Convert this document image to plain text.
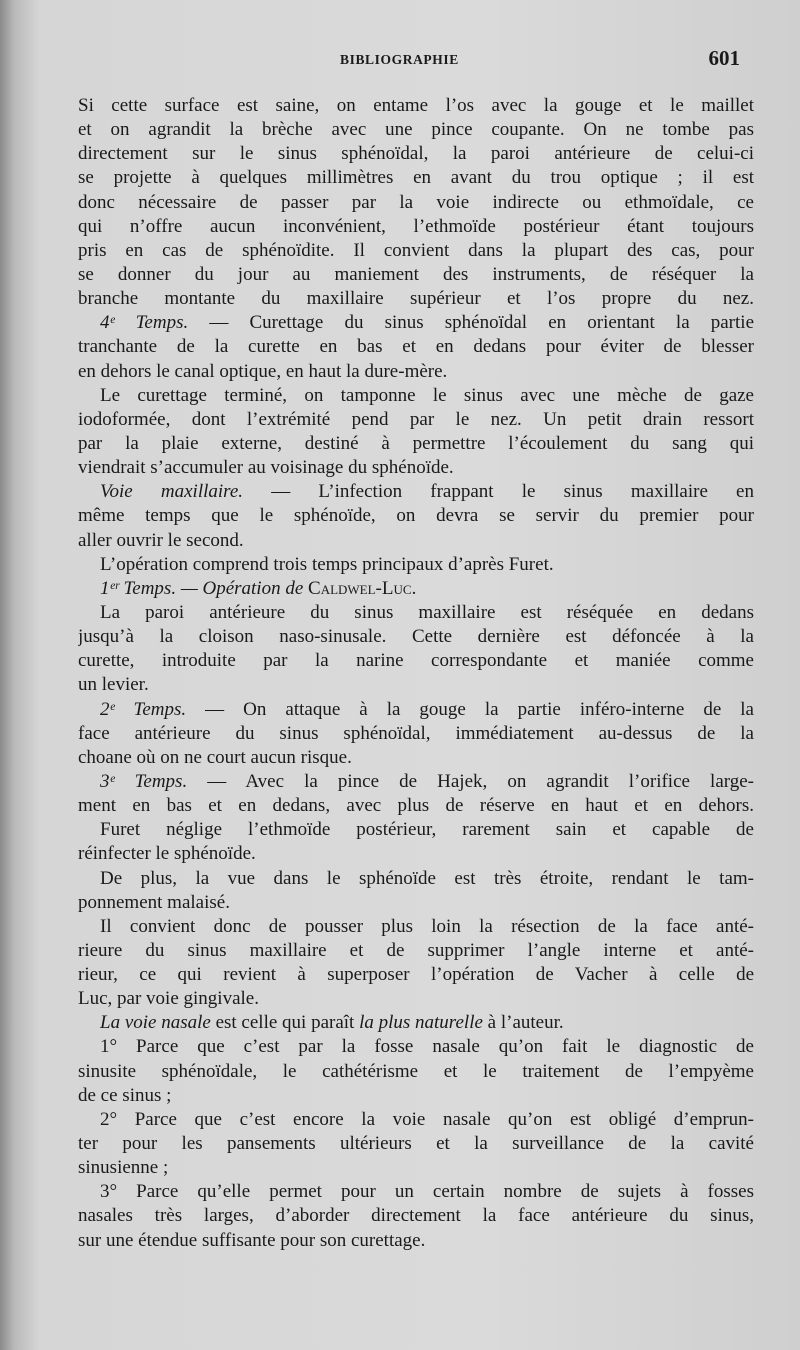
BIBLIOGRAPHIE	601
Si cette surface est saine, on entame l’os avec la gouge et le maillet
et on agrandit la brèche avec une pince coupante. On ne tombe pas
directement sur le sinus sphénoïdal, la paroi antérieure de celui-ci
se projette à quelques millimètres en avant du trou optique ; il est
donc nécessaire de passer par la voie indirecte ou ethmoïdale, ce
qui n’offre aucun inconvénient, l’ethmoïde postérieur étant toujours
pris en cas de sphénoïdite. Il convient dans la plupart des cas, pour
se donner du jour au maniement des instruments, de réséquer la
branche montante du maxillaire supérieur et l’os propre du nez.
4ᵉ Temps. — Curettage du sinus sphénoïdal en orientant la partie
tranchante de la curette en bas et en dedans pour éviter de blesser
en dehors le canal optique, en haut la dure-mère.
Le curettage terminé, on tamponne le sinus avec une mèche de gaze
iodoformée, dont l’extrémité pend par le nez. Un petit drain ressort
par la plaie externe, destiné à permettre l’écoulement du sang qui
viendrait s’accumuler au voisinage du sphénoïde.
Voie maxillaire. — L’infection frappant le sinus maxillaire en
même temps que le sphénoïde, on devra se servir du premier pour
aller ouvrir le second.
L’opération comprend trois temps principaux d’après Furet.
1ᵉʳ Temps. — Opération de Caldwel-Luc.
La paroi antérieure du sinus maxillaire est réséquée en dedans
jusqu’à la cloison naso-sinusale. Cette dernière est défoncée à la
curette, introduite par la narine correspondante et maniée comme
un levier.
2ᵉ Temps. — On attaque à la gouge la partie inféro-interne de la
face antérieure du sinus sphénoïdal, immédiatement au-dessus de la
choane où on ne court aucun risque.
3ᵉ Temps. — Avec la pince de Hajek, on agrandit l’orifice large-
ment en bas et en dedans, avec plus de réserve en haut et en dehors.
Furet néglige l’ethmoïde postérieur, rarement sain et capable de
réinfecter le sphénoïde.
De plus, la vue dans le sphénoïde est très étroite, rendant le tam-
ponnement malaisé.
Il convient donc de pousser plus loin la résection de la face anté-
rieure du sinus maxillaire et de supprimer l’angle interne et anté-
rieur, ce qui revient à superposer l’opération de Vacher à celle de
Luc, par voie gingivale.
La voie nasale est celle qui paraît la plus naturelle à l’auteur.
1° Parce que c’est par la fosse nasale qu’on fait le diagnostic de
sinusite sphénoïdale, le cathétérisme et le traitement de l’empyème
de ce sinus ;
2° Parce que c’est encore la voie nasale qu’on est obligé d’emprun-
ter pour les pansements ultérieurs et la surveillance de la cavité
sinusienne ;
3° Parce qu’elle permet pour un certain nombre de sujets à fosses
nasales très larges, d’aborder directement la face antérieure du sinus,
sur une étendue suffisante pour son curettage.
